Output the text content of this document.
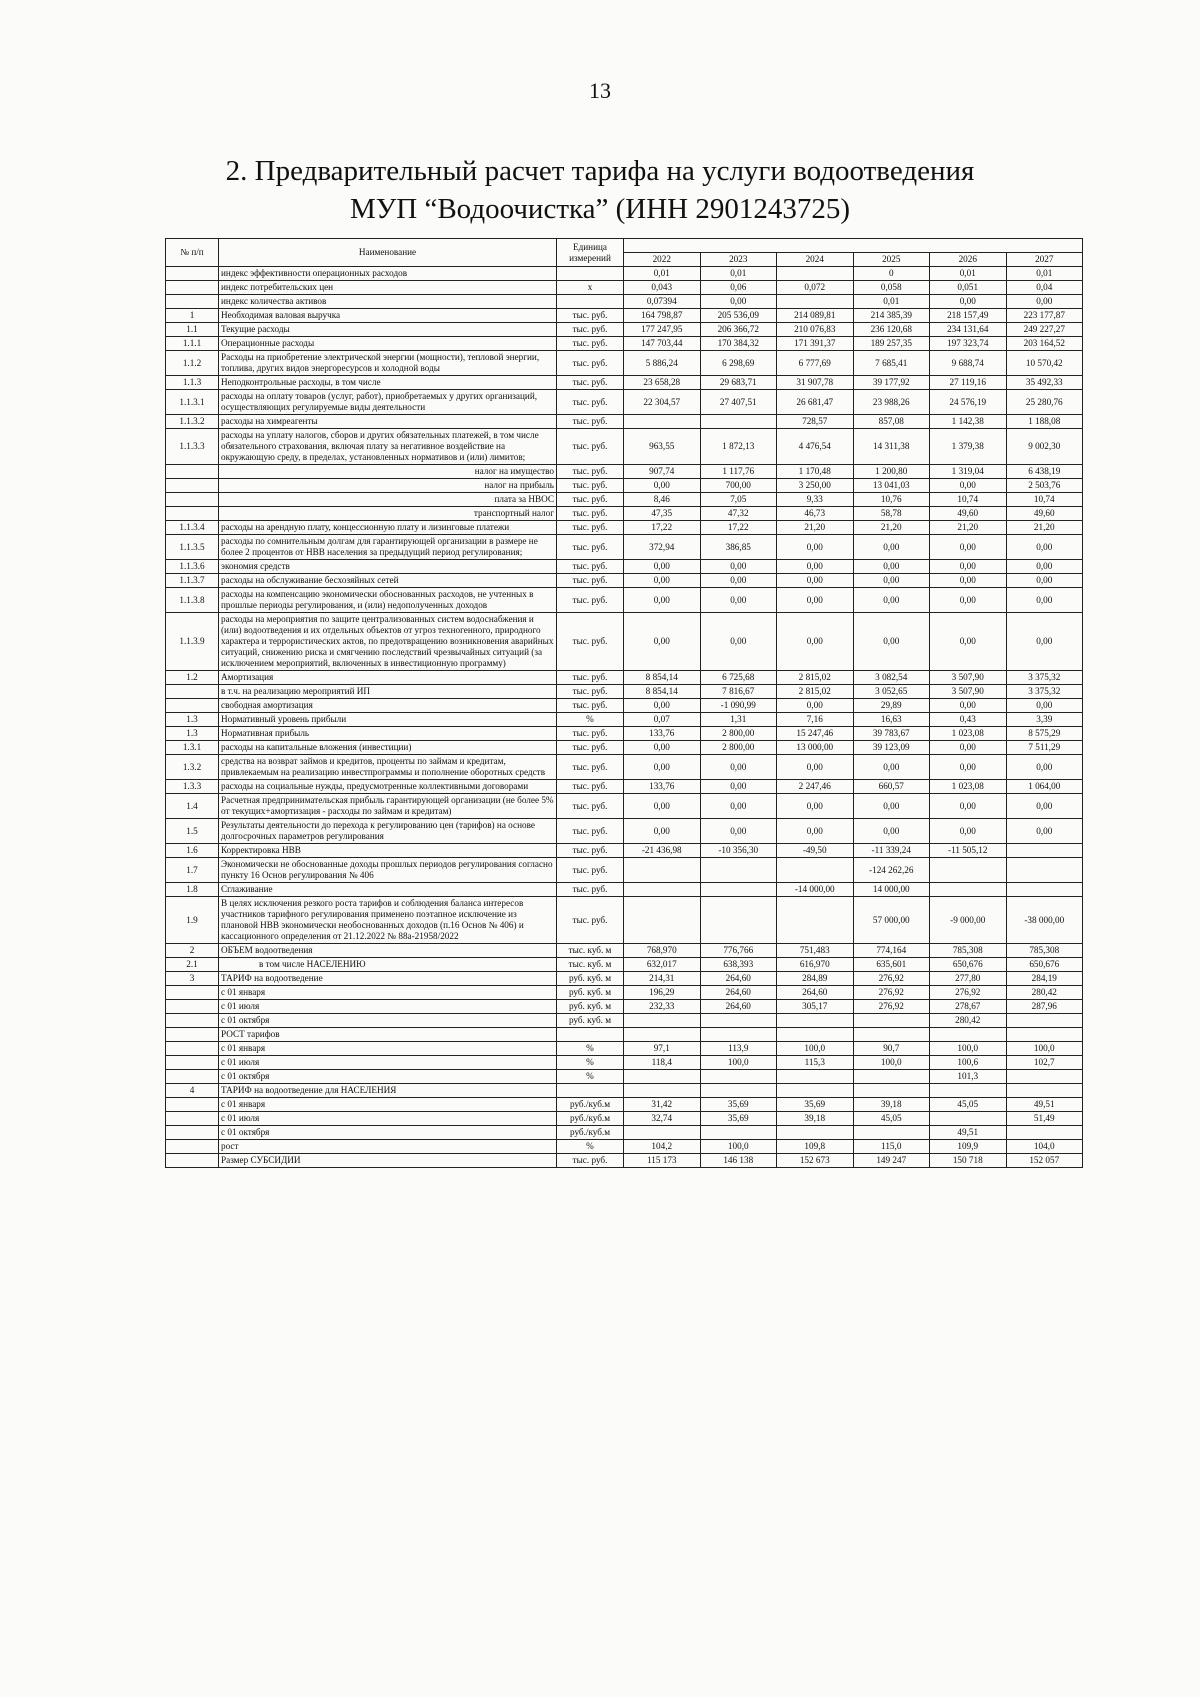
13
2. Предварительный расчет тарифа на услуги водоотведения
МУП “Водоочистка” (ИНН 2901243725)
№ п/п	Наименование	Единица измерений						
			2022	2023	2024	2025	2026	2027
	индекс эффективности операционных расходов		0,01	0,01		0	0,01	0,01
	индекс потребительских цен	х	0,043	0,06	0,072	0,058	0,051	0,04
	индекс количества активов		0,07394	0,00		0,01	0,00	0,00
1	Необходимая валовая выручка	тыс. руб.	164 798,87	205 536,09	214 089,81	214 385,39	218 157,49	223 177,87
1.1	Текущие расходы	тыс. руб.	177 247,95	206 366,72	210 076,83	236 120,68	234 131,64	249 227,27
1.1.1	Операционные расходы	тыс. руб.	147 703,44	170 384,32	171 391,37	189 257,35	197 323,74	203 164,52
1.1.2	Расходы на приобретение электрической энергии (мощности), тепловой энергии, топлива, других видов энергоресурсов и холодной воды	тыс. руб.	5 886,24	6 298,69	6 777,69	7 685,41	9 688,74	10 570,42
1.1.3	Неподконтрольные расходы, в том числе	тыс. руб.	23 658,28	29 683,71	31 907,78	39 177,92	27 119,16	35 492,33
1.1.3.1	расходы на оплату товаров (услуг, работ), приобретаемых у других организаций, осуществляющих регулируемые виды деятельности	тыс. руб.	22 304,57	27 407,51	26 681,47	23 988,26	24 576,19	25 280,76
1.1.3.2	расходы на химреагенты	тыс. руб.			728,57	857,08	1 142,38	1 188,08
1.1.3.3	расходы на уплату налогов, сборов и других обязательных платежей, в том числе обязательного страхования, включая плату за негативное воздействие на окружающую среду, в пределах, установленных нормативов и (или) лимитов;	тыс. руб.	963,55	1 872,13	4 476,54	14 311,38	1 379,38	9 002,30
	налог на имущество	тыс. руб.	907,74	1 117,76	1 170,48	1 200,80	1 319,04	6 438,19
	налог на прибыль	тыс. руб.	0,00	700,00	3 250,00	13 041,03	0,00	2 503,76
	плата за НВОС	тыс. руб.	8,46	7,05	9,33	10,76	10,74	10,74
	транспортный налог	тыс. руб.	47,35	47,32	46,73	58,78	49,60	49,60
1.1.3.4	расходы на арендную плату, концессионную плату и лизинговые платежи	тыс. руб.	17,22	17,22	21,20	21,20	21,20	21,20
1.1.3.5	расходы по сомнительным долгам для гарантирующей организации в размере не более 2 процентов от НВВ населения за предыдущий период регулирования;	тыс. руб.	372,94	386,85	0,00	0,00	0,00	0,00
1.1.3.6	экономия средств	тыс. руб.	0,00	0,00	0,00	0,00	0,00	0,00
1.1.3.7	расходы на обслуживание бесхозяйных сетей	тыс. руб.	0,00	0,00	0,00	0,00	0,00	0,00
1.1.3.8	расходы на компенсацию экономически обоснованных расходов, не учтенных в прошлые периоды регулирования, и (или) недополученных доходов	тыс. руб.	0,00	0,00	0,00	0,00	0,00	0,00
1.1.3.9	расходы на мероприятия по защите централизованных систем водоснабжения и (или) водоотведения и их отдельных объектов от угроз техногенного, природного характера и террористических актов, по предотвращению возникновения аварийных ситуаций, снижению риска и смягчению последствий чрезвычайных ситуаций (за исключением мероприятий, включенных в инвестиционную программу)	тыс. руб.	0,00	0,00	0,00	0,00	0,00	0,00
1.2	Амортизация	тыс. руб.	8 854,14	6 725,68	2 815,02	3 082,54	3 507,90	3 375,32
	в т.ч. на реализацию мероприятий ИП	тыс. руб.	8 854,14	7 816,67	2 815,02	3 052,65	3 507,90	3 375,32
	свободная амортизация	тыс. руб.	0,00	-1 090,99	0,00	29,89	0,00	0,00
1.3	Нормативный уровень прибыли	%	0,07	1,31	7,16	16,63	0,43	3,39
1.3	Нормативная прибыль	тыс. руб.	133,76	2 800,00	15 247,46	39 783,67	1 023,08	8 575,29
1.3.1	расходы на капитальные вложения (инвестиции)	тыс. руб.	0,00	2 800,00	13 000,00	39 123,09	0,00	7 511,29
1.3.2	средства на возврат займов и кредитов, проценты по займам и кредитам, привлекаемым на реализацию инвестпрограммы и пополнение оборотных средств	тыс. руб.	0,00	0,00	0,00	0,00	0,00	0,00
1.3.3	расходы на социальные нужды, предусмотренные коллективными договорами	тыс. руб.	133,76	0,00	2 247,46	660,57	1 023,08	1 064,00
1.4	Расчетная предпринимательская прибыль гарантирующей организации (не более 5% от текущих+амортизация - расходы по займам и кредитам)	тыс. руб.	0,00	0,00	0,00	0,00	0,00	0,00
1.5	Результаты деятельности до перехода к регулированию цен (тарифов) на основе долгосрочных параметров регулирования	тыс. руб.	0,00	0,00	0,00	0,00	0,00	0,00
1.6	Корректировка НВВ	тыс. руб.	-21 436,98	-10 356,30	-49,50	-11 339,24	-11 505,12	
1.7	Экономически не обоснованные доходы прошлых периодов регулирования согласно пункту 16 Основ регулирования № 406	тыс. руб.				-124 262,26		
1.8	Сглаживание	тыс. руб.			-14 000,00	14 000,00		
1.9	В целях исключения резкого роста тарифов и соблюдения баланса интересов участников тарифного регулирования применено поэтапное исключение из плановой НВВ экономически необоснованных доходов (п.16 Основ № 406) и кассационного определения от 21.12.2022 № 88а-21958/2022	тыс. руб.				57 000,00	-9 000,00	-38 000,00
2	ОБЪЕМ водоотведения	тыс. куб. м	768,970	776,766	751,483	774,164	785,308	785,308
2.1	в том числе НАСЕЛЕНИЮ	тыс. куб. м	632,017	638,393	616,970	635,601	650,676	650,676
3	ТАРИФ на водоотведение	руб. куб. м	214,31	264,60	284,89	276,92	277,80	284,19
	с 01 января	руб. куб. м	196,29	264,60	264,60	276,92	276,92	280,42
	с 01 июля	руб. куб. м	232,33	264,60	305,17	276,92	278,67	287,96
	с 01 октября	руб. куб. м					280,42	
	РОСТ тарифов							
	с 01 января	%	97,1	113,9	100,0	90,7	100,0	100,0
	с 01 июля	%	118,4	100,0	115,3	100,0	100,6	102,7
	с 01 октября	%					101,3	
4	ТАРИФ на водоотведение для НАСЕЛЕНИЯ							
	с 01 января	руб./куб.м	31,42	35,69	35,69	39,18	45,05	49,51
	с 01 июля	руб./куб.м	32,74	35,69	39,18	45,05		51,49
	с 01 октября	руб./куб.м					49,51	
	рост	%	104,2	100,0	109,8	115,0	109,9	104,0
	Размер СУБСИДИИ	тыс. руб.	115 173	146 138	152 673	149 247	150 718	152 057
